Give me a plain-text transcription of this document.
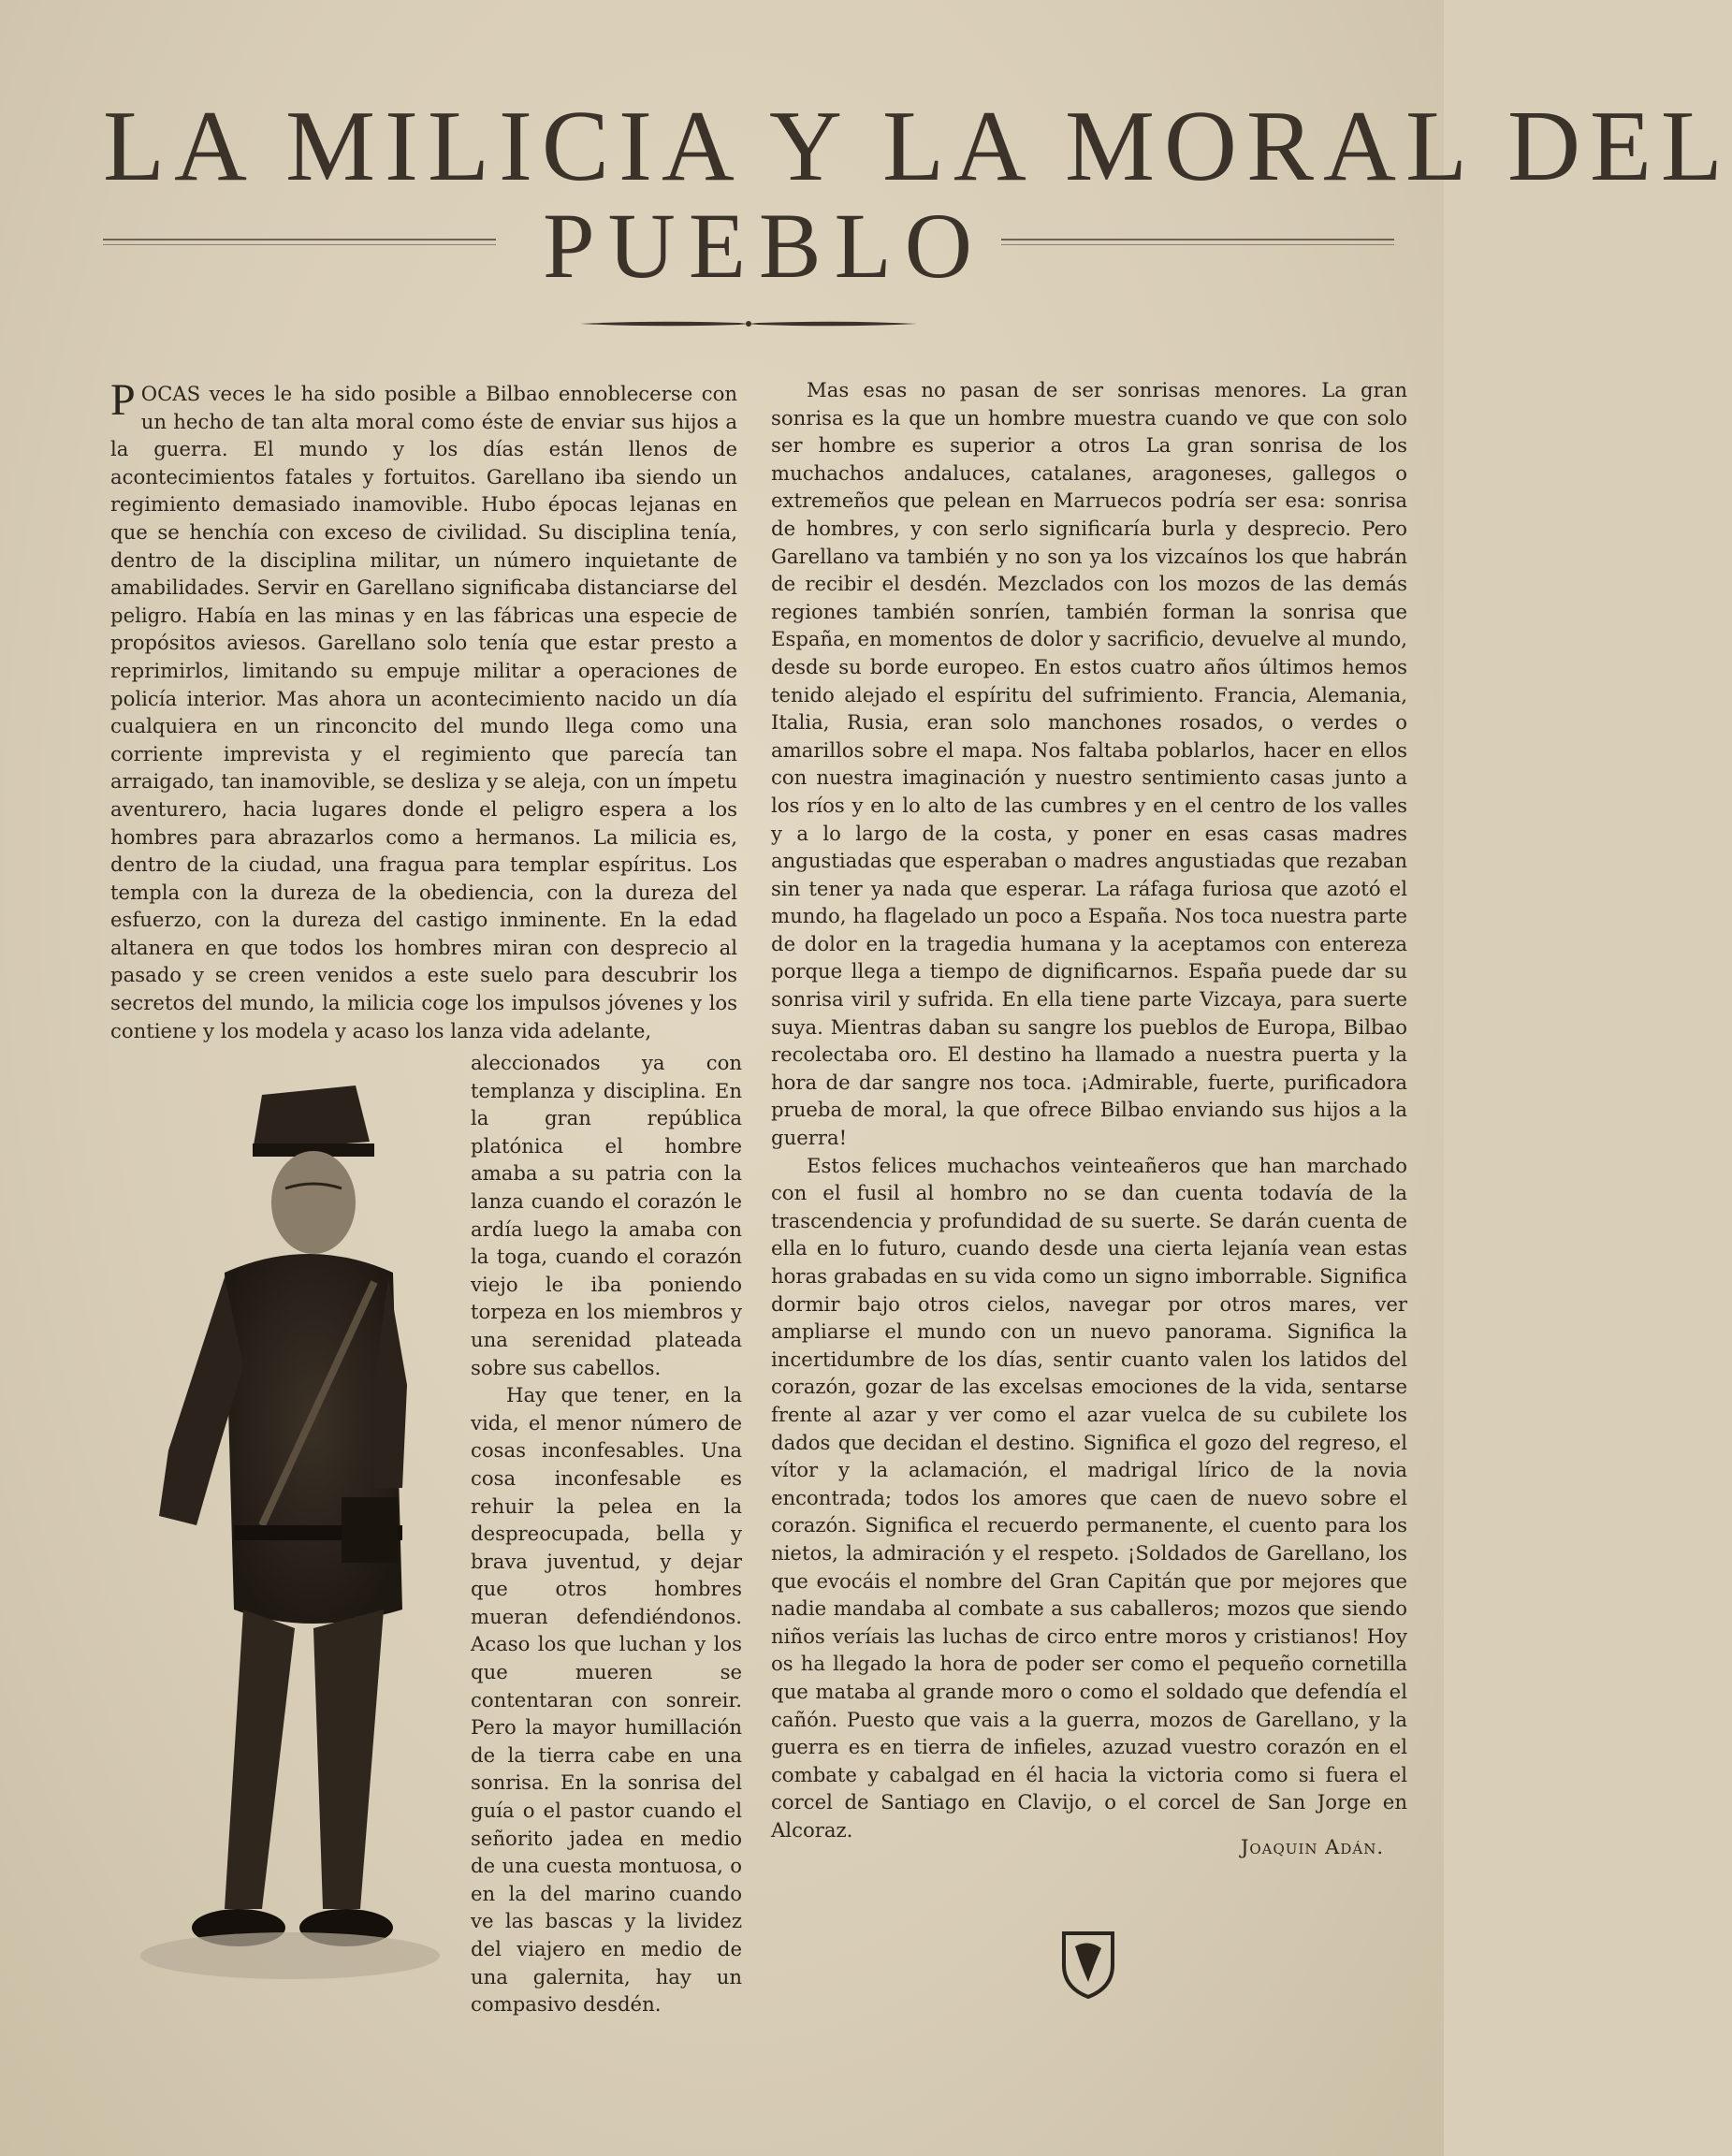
LA MILICIA Y LA MORAL DEL
PUEBLO

POCAS veces le ha sido posible a Bilbao ennoblecerse con un hecho de tan alta moral como éste de enviar sus hijos a la guerra. El mundo y los días están llenos de acontecimientos fatales y fortuitos. Garellano iba siendo un regimiento demasiado inamovible. Hubo épocas lejanas en que se henchía con exceso de civilidad. Su disciplina tenía, dentro de la disciplina militar, un número inquietante de amabilidades. Servir en Garellano significaba distanciarse del peligro. Había en las minas y en las fábricas una especie de propósitos aviesos. Garellano solo tenía que estar presto a reprimirlos, limitando su empuje militar a operaciones de policía interior. Mas ahora un acontecimiento nacido un día cualquiera en un rinconcito del mundo llega como una corriente imprevista y el regimiento que parecía tan arraigado, tan inamovible, se desliza y se aleja, con un ímpetu aventurero, hacia lugares donde el peligro espera a los hombres para abrazarlos como a hermanos. La milicia es, dentro de la ciudad, una fragua para templar espíritus. Los templa con la dureza de la obediencia, con la dureza del esfuerzo, con la dureza del castigo inminente. En la edad altanera en que todos los hombres miran con desprecio al pasado y se creen venidos a este suelo para descubrir los secretos del mundo, la milicia coge los impulsos jóvenes y los contiene y los modela y acaso los lanza vida adelante,

aleccionados ya con templanza y disciplina. En la gran república platónica el hombre amaba a su patria con la lanza cuando el corazón le ardía luego la amaba con la toga, cuando el corazón viejo le iba poniendo torpeza en los miembros y una serenidad plateada sobre sus cabellos.

Hay que tener, en la vida, el menor número de cosas inconfesables. Una cosa inconfesable es rehuir la pelea en la despreocupada, bella y brava juventud, y dejar que otros hombres mueran defendiéndonos. Acaso los que luchan y los que mueren se contentaran con sonreir. Pero la mayor humillación de la tierra cabe en una sonrisa. En la sonrisa del guía o el pastor cuando el señorito jadea en medio de una cuesta montuosa, o en la del marino cuando ve las bascas y la lividez del viajero en medio de una galernita, hay un compasivo desdén.

Mas esas no pasan de ser sonrisas menores. La gran sonrisa es la que un hombre muestra cuando ve que con solo ser hombre es superior a otros La gran sonrisa de los muchachos andaluces, catalanes, aragoneses, gallegos o extremeños que pelean en Marruecos podría ser esa: sonrisa de hombres, y con serlo significaría burla y desprecio. Pero Garellano va también y no son ya los vizcaínos los que habrán de recibir el desdén. Mezclados con los mozos de las demás regiones también sonríen, también forman la sonrisa que España, en momentos de dolor y sacrificio, devuelve al mundo, desde su borde europeo. En estos cuatro años últimos hemos tenido alejado el espíritu del sufrimiento. Francia, Alemania, Italia, Rusia, eran solo manchones rosados, o verdes o amarillos sobre el mapa. Nos faltaba poblarlos, hacer en ellos con nuestra imaginación y nuestro sentimiento casas junto a los ríos y en lo alto de las cumbres y en el centro de los valles y a lo largo de la costa, y poner en esas casas madres angustiadas que esperaban o madres angustiadas que rezaban sin tener ya nada que esperar. La ráfaga furiosa que azotó el mundo, ha flagelado un poco a España. Nos toca nuestra parte de dolor en la tragedia humana y la aceptamos con entereza porque llega a tiempo de dignificarnos. España puede dar su sonrisa viril y sufrida. En ella tiene parte Vizcaya, para suerte suya. Mientras daban su sangre los pueblos de Europa, Bilbao recolectaba oro. El destino ha llamado a nuestra puerta y la hora de dar sangre nos toca. ¡Admirable, fuerte, purificadora prueba de moral, la que ofrece Bilbao enviando sus hijos a la guerra!

Estos felices muchachos veinteañeros que han marchado con el fusil al hombro no se dan cuenta todavía de la trascendencia y profundidad de su suerte. Se darán cuenta de ella en lo futuro, cuando desde una cierta lejanía vean estas horas grabadas en su vida como un signo imborrable. Significa dormir bajo otros cielos, navegar por otros mares, ver ampliarse el mundo con un nuevo panorama. Significa la incertidumbre de los días, sentir cuanto valen los latidos del corazón, gozar de las excelsas emociones de la vida, sentarse frente al azar y ver como el azar vuelca de su cubilete los dados que decidan el destino. Significa el gozo del regreso, el vítor y la aclamación, el madrigal lírico de la novia encontrada; todos los amores que caen de nuevo sobre el corazón. Significa el recuerdo permanente, el cuento para los nietos, la admiración y el respeto. ¡Soldados de Garellano, los que evocáis el nombre del Gran Capitán que por mejores que nadie mandaba al combate a sus caballeros; mozos que siendo niños veríais las luchas de circo entre moros y cristianos! Hoy os ha llegado la hora de poder ser como el pequeño cornetilla que mataba al grande moro o como el soldado que defendía el cañón. Puesto que vais a la guerra, mozos de Garellano, y la guerra es en tierra de infieles, azuzad vuestro corazón en el combate y cabalgad en él hacia la victoria como si fuera el corcel de Santiago en Clavijo, o el corcel de San Jorge en Alcoraz.

Joaquin Adán.
